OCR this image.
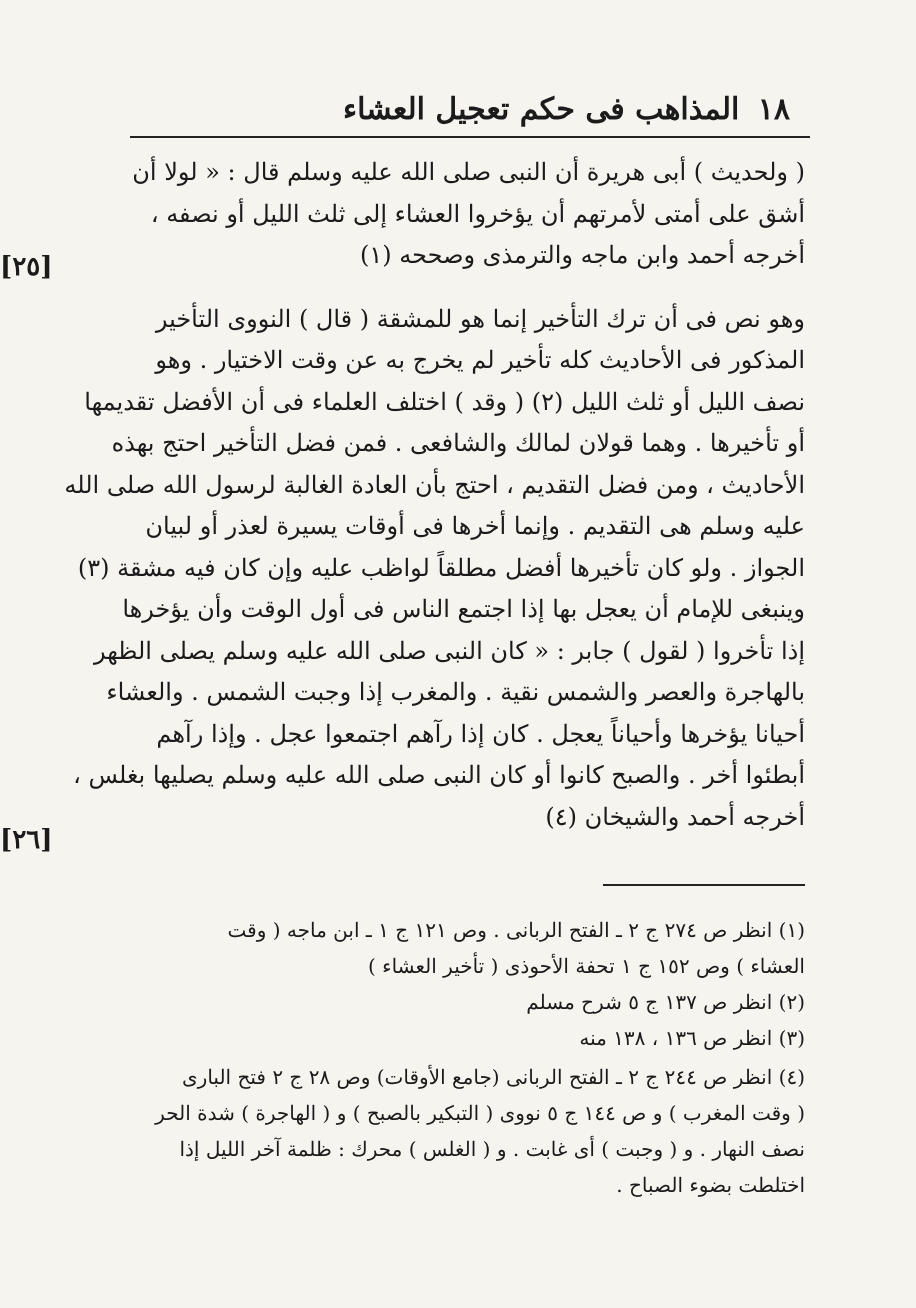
١٨
المذاهب فى حكم تعجيل العشاء
( ولحديث ) أبى هريرة أن النبى صلى الله عليه وسلم قال : « لولا أن
أشق على أمتى لأمرتهم أن يؤخروا العشاء إلى ثلث الليل أو نصفه ،
أخرجه أحمد وابن ماجه والترمذى وصححه (١)
وهو نص فى أن ترك التأخير إنما هو للمشقة ( قال ) النووى التأخير
المذكور فى الأحاديث كله تأخير لم يخرج به عن وقت الاختيار . وهو
نصف الليل أو ثلث الليل (٢) ( وقد ) اختلف العلماء فى أن الأفضل تقديمها
أو تأخيرها . وهما قولان لمالك والشافعى . فمن فضل التأخير احتج بهذه
الأحاديث ، ومن فضل التقديم ، احتج بأن العادة الغالبة لرسول الله صلى الله
عليه وسلم هى التقديم . وإنما أخرها فى أوقات يسيرة لعذر أو لبيان
الجواز . ولو كان تأخيرها أفضل مطلقاً لواظب عليه وإن كان فيه مشقة (٣)
وينبغى للإمام أن يعجل بها إذا اجتمع الناس فى أول الوقت وأن يؤخرها
إذا تأخروا ( لقول ) جابر : « كان النبى صلى الله عليه وسلم يصلى الظهر
بالهاجرة والعصر والشمس نقية . والمغرب إذا وجبت الشمس . والعشاء
أحيانا يؤخرها وأحياناً يعجل . كان إذا رآهم اجتمعوا عجل . وإذا رآهم
أبطئوا أخر . والصبح كانوا أو كان النبى صلى الله عليه وسلم يصليها بغلس ،
أخرجه أحمد والشيخان (٤)
[٢٥]
[٢٦]
(١) انظر ص ٢٧٤ ج ٢ ـ الفتح الربانى . وص ١٢١ ج ١ ـ ابن ماجه ( وقت
العشاء ) وص ١٥٢ ج ١ تحفة الأحوذى ( تأخير العشاء )
(٢) انظر ص ١٣٧ ج ٥ شرح مسلم
(٣) انظر ص ١٣٦ ، ١٣٨ منه
(٤) انظر ص ٢٤٤ ج ٢ ـ الفتح الربانى (جامع الأوقات) وص ٢٨ ج ٢ فتح البارى
( وقت المغرب ) و ص ١٤٤ ج ٥ نووى ( التبكير بالصبح ) و ( الهاجرة ) شدة الحر
نصف النهار . و ( وجبت ) أى غابت . و ( الغلس ) محرك : ظلمة آخر الليل إذا
اختلطت بضوء الصباح .
